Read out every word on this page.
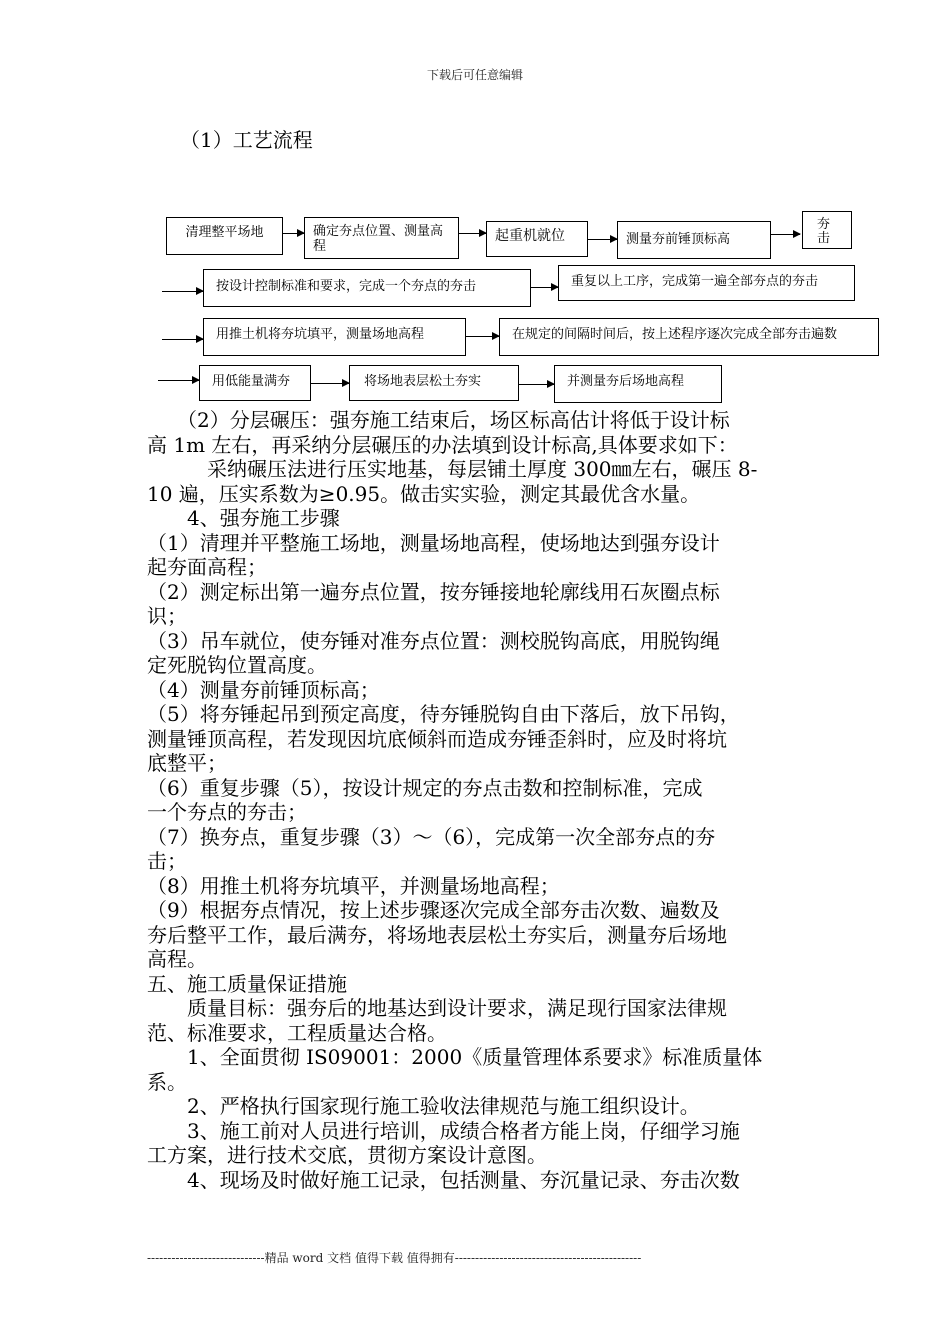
下载后可任意编辑
（1）工艺流程
清理整平场地	确定夯点位置、测量高程
起重机就位	测量夯前锤顶标高
夯击
按设计控制标准和要求，完成一个夯点的夯击	重复以上工序，完成第一遍全部夯点的夯击
用推土机将夯坑填平，测量场地高程	在规定的间隔时间后，按上述程序逐次完成全部夯击遍数
用低能量满夯	将场地表层松土夯实	并测量夯后场地高程
　　（2）分层碾压：强夯施工结束后，场区标高估计将低于设计标
高 1m 左右，再采纳分层碾压的办法填到设计标高,具体要求如下：
　　　采纳碾压法进行压实地基，每层铺土厚度 300㎜左右，碾压 8-
10 遍，压实系数为≥0.95。做击实实验，测定其最优含水量。
　　4、强夯施工步骤
（1）清理并平整施工场地，测量场地高程，使场地达到强夯设计
起夯面高程；
（2）测定标出第一遍夯点位置，按夯锤接地轮廓线用石灰圈点标
识；
（3）吊车就位，使夯锤对准夯点位置：测校脱钩高底，用脱钩绳
定死脱钩位置高度。
（4）测量夯前锤顶标高；
（5）将夯锤起吊到预定高度，待夯锤脱钩自由下落后，放下吊钩，
测量锤顶高程，若发现因坑底倾斜而造成夯锤歪斜时，应及时将坑
底整平；
（6）重复步骤（5），按设计规定的夯点击数和控制标准，完成
一个夯点的夯击；
（7）换夯点，重复步骤（3）～（6），完成第一次全部夯点的夯
击；
（8）用推土机将夯坑填平，并测量场地高程；
（9）根据夯点情况，按上述步骤逐次完成全部夯击次数、遍数及
夯后整平工作，最后满夯，将场地表层松土夯实后，测量夯后场地
高程。
五、施工质量保证措施
　　质量目标：强夯后的地基达到设计要求，满足现行国家法律规
范、标准要求，工程质量达合格。
　　1、全面贯彻 IS09001：2000《质量管理体系要求》标准质量体
系。
　　2、严格执行国家现行施工验收法律规范与施工组织设计。
　　3、施工前对人员进行培训，成绩合格者方能上岗，仔细学习施
工方案，进行技术交底，贯彻方案设计意图。
　　4、现场及时做好施工记录，包括测量、夯沉量记录、夯击次数
-----------------------------精品 word 文档 值得下载 值得拥有----------------------------------------------
